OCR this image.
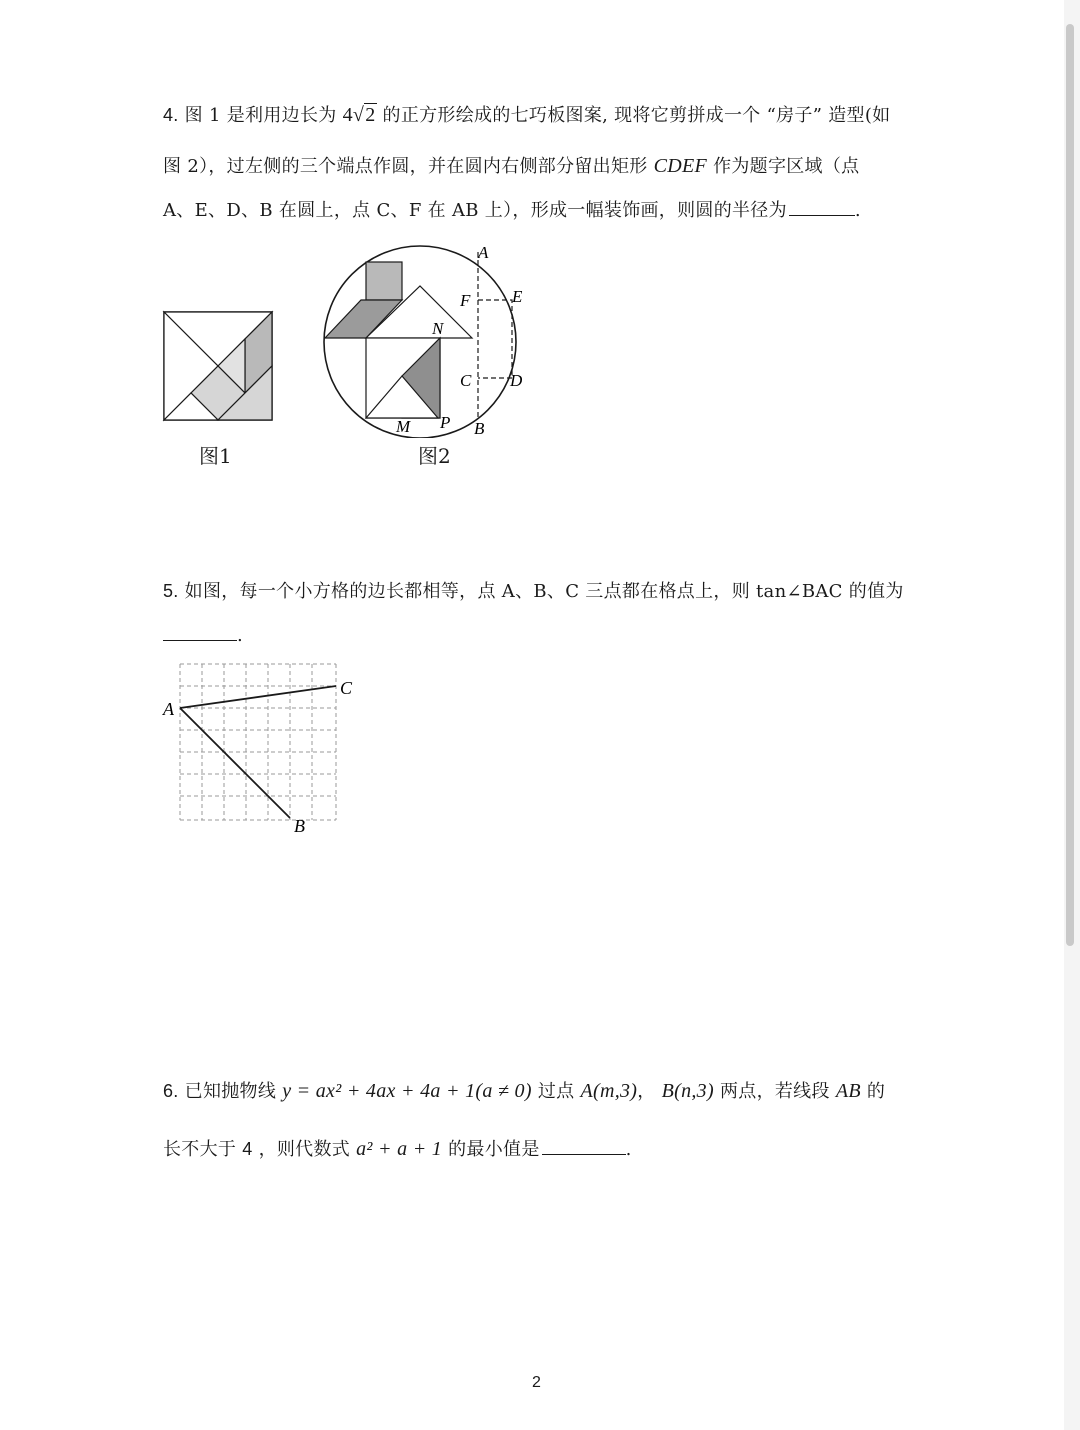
4. 图 1 是利用边长为 4√2 的正方形绘成的七巧板图案, 现将它剪拼成一个 “房子” 造型(如
图 2），过左侧的三个端点作圆，并在圆内右侧部分留出矩形 CDEF 作为题字区域（点
A、E、D、B 在圆上，点 C、F 在 AB 上），形成一幅装饰画，则圆的半径为	.
图1
A
F E
N
C D
M P B
图2
5. 如图，每一个小方格的边长都相等，点 A、B、C 三点都在格点上，则 tan∠BAC 的值为
.
A
C
B
6. 已知抛物线 y = ax² + 4ax + 4a + 1(a ≠ 0) 过点 A(m,3)， B(n,3) 两点，若线段 AB 的
长不大于 4 ，则代数式 a² + a + 1 的最小值是	.
2
